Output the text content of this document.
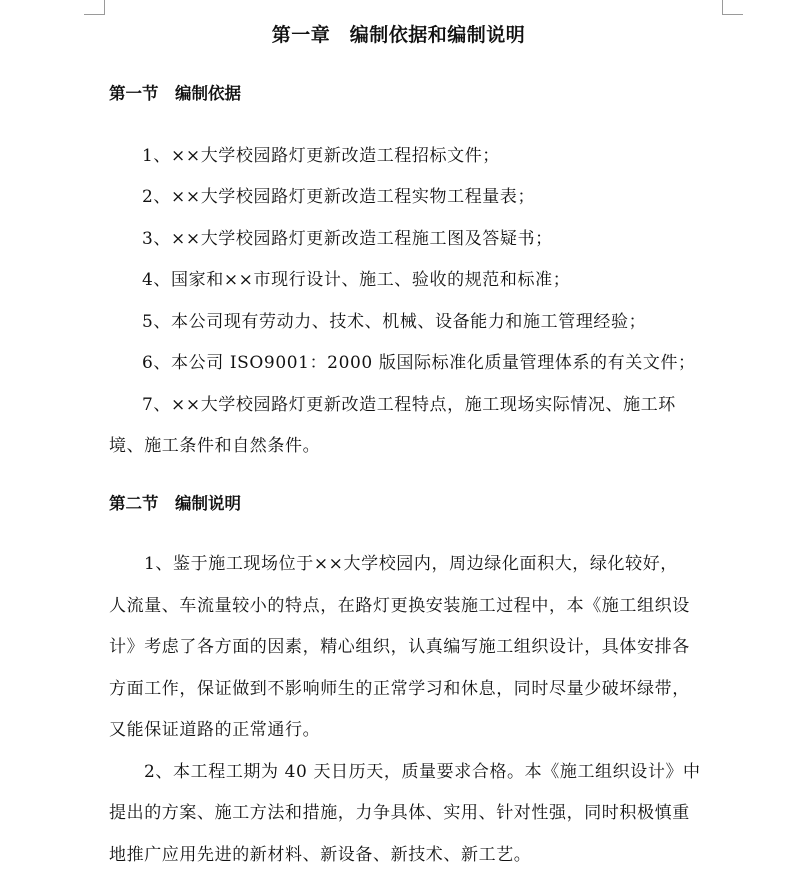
第一章　编制依据和编制说明
第一节　编制依据
1、××大学校园路灯更新改造工程招标文件；
2、××大学校园路灯更新改造工程实物工程量表；
3、××大学校园路灯更新改造工程施工图及答疑书；
4、国家和××市现行设计、施工、验收的规范和标准；
5、本公司现有劳动力、技术、机械、设备能力和施工管理经验；
6、本公司 ISO9001：2000 版国际标准化质量管理体系的有关文件；
7、××大学校园路灯更新改造工程特点，施工现场实际情况、施工环
境、施工条件和自然条件。
第二节　编制说明
1、鉴于施工现场位于××大学校园内，周边绿化面积大，绿化较好，
人流量、车流量较小的特点，在路灯更换安装施工过程中，本《施工组织设
计》考虑了各方面的因素，精心组织，认真编写施工组织设计，具体安排各
方面工作，保证做到不影响师生的正常学习和休息，同时尽量少破坏绿带，
又能保证道路的正常通行。
2、本工程工期为 40 天日历天，质量要求合格。本《施工组织设计》中
提出的方案、施工方法和措施，力争具体、实用、针对性强，同时积极慎重
地推广应用先进的新材料、新设备、新技术、新工艺。
